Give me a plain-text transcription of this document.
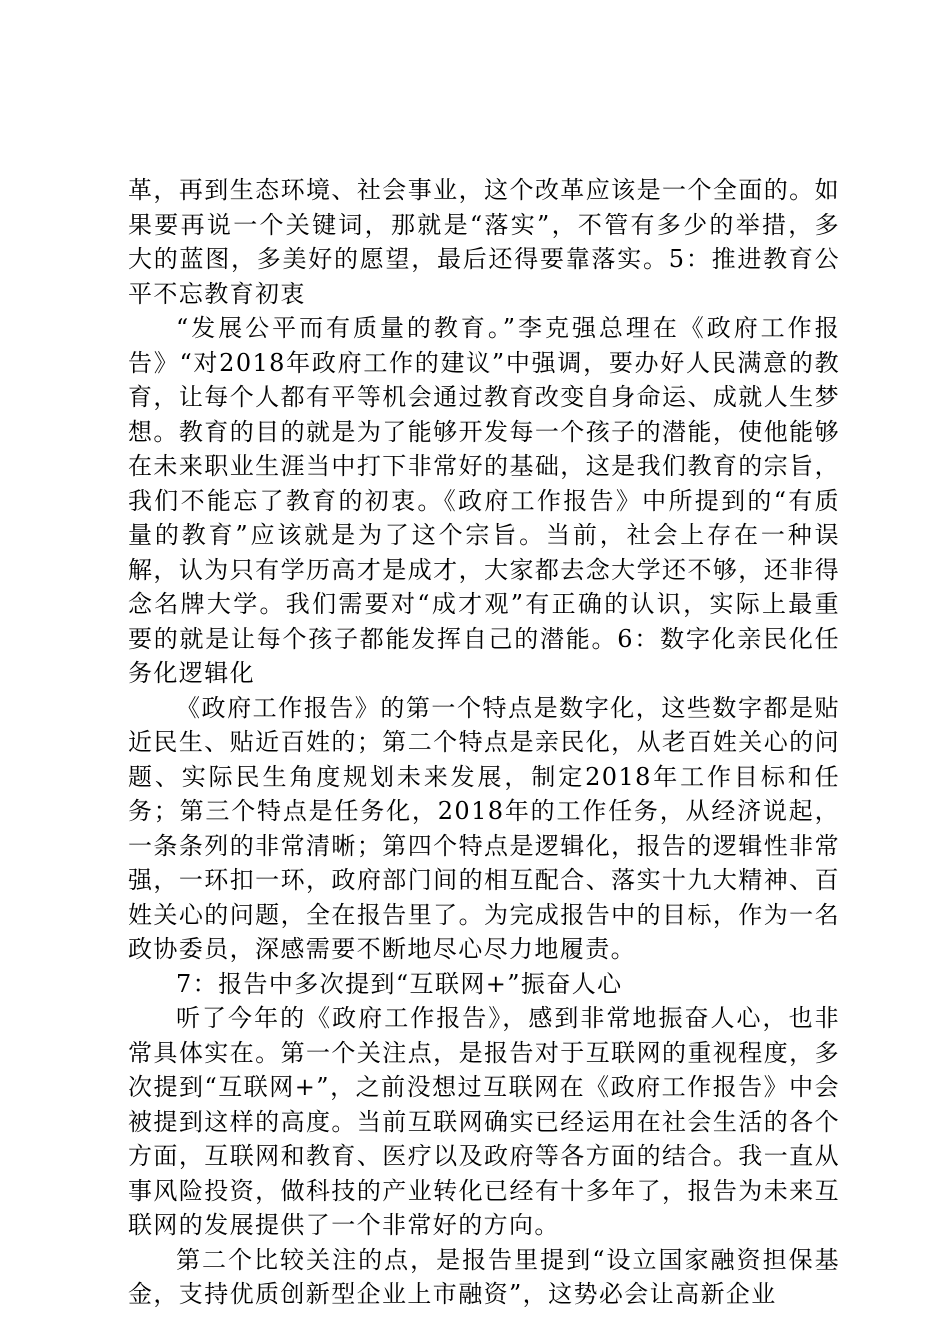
革，再到生态环境、社会事业，这个改革应该是一个全面的。如果要再说一个关键词，那就是“落实”，不管有多少的举措，多大的蓝图，多美好的愿望，最后还得要靠落实。5：推进教育公平不忘教育初衷

“发展公平而有质量的教育。”李克强总理在《政府工作报告》“对2018年政府工作的建议”中强调，要办好人民满意的教育，让每个人都有平等机会通过教育改变自身命运、成就人生梦想。教育的目的就是为了能够开发每一个孩子的潜能，使他能够在未来职业生涯当中打下非常好的基础，这是我们教育的宗旨，我们不能忘了教育的初衷。《政府工作报告》中所提到的“有质量的教育”应该就是为了这个宗旨。当前，社会上存在一种误解，认为只有学历高才是成才，大家都去念大学还不够，还非得念名牌大学。我们需要对“成才观”有正确的认识，实际上最重要的就是让每个孩子都能发挥自己的潜能。6：数字化亲民化任务化逻辑化

《政府工作报告》的第一个特点是数字化，这些数字都是贴近民生、贴近百姓的；第二个特点是亲民化，从老百姓关心的问题、实际民生角度规划未来发展，制定2018年工作目标和任务；第三个特点是任务化，2018年的工作任务，从经济说起，一条条列的非常清晰；第四个特点是逻辑化，报告的逻辑性非常强，一环扣一环，政府部门间的相互配合、落实十九大精神、百姓关心的问题，全在报告里了。为完成报告中的目标，作为一名政协委员，深感需要不断地尽心尽力地履责。

7：报告中多次提到“互联网+”振奋人心

听了今年的《政府工作报告》，感到非常地振奋人心，也非常具体实在。第一个关注点，是报告对于互联网的重视程度，多次提到“互联网+”，之前没想过互联网在《政府工作报告》中会被提到这样的高度。当前互联网确实已经运用在社会生活的各个方面，互联网和教育、医疗以及政府等各方面的结合。我一直从事风险投资，做科技的产业转化已经有十多年了，报告为未来互联网的发展提供了一个非常好的方向。

第二个比较关注的点，是报告里提到“设立国家融资担保基金，支持优质创新型企业上市融资”，这势必会让高新企业
